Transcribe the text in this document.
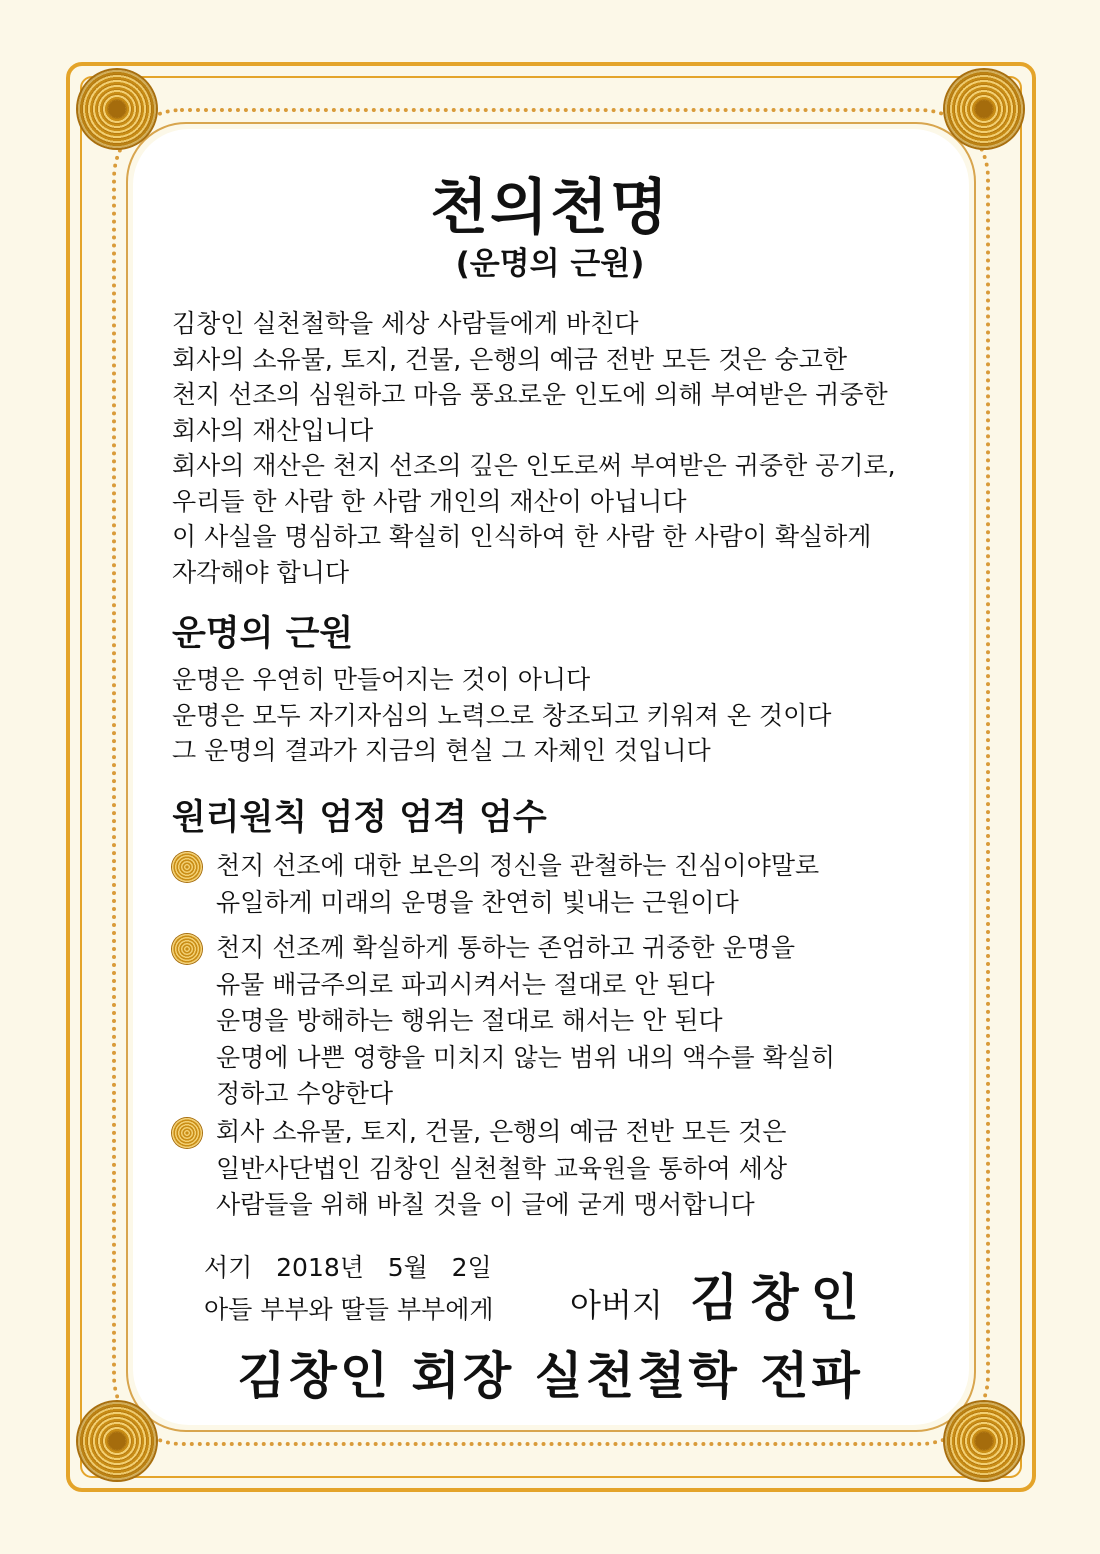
천의천명
(운명의 근원)
김창인 실천철학을 세상 사람들에게 바친다
회사의 소유물, 토지, 건물, 은행의 예금 전반 모든 것은 숭고한
천지 선조의 심원하고 마음 풍요로운 인도에 의해 부여받은 귀중한
회사의 재산입니다
회사의 재산은 천지 선조의 깊은 인도로써 부여받은 귀중한 공기로,
우리들 한 사람 한 사람 개인의 재산이 아닙니다
이 사실을 명심하고 확실히 인식하여 한 사람 한 사람이 확실하게
자각해야 합니다
운명의 근원
운명은 우연히 만들어지는 것이 아니다
운명은 모두 자기자심의 노력으로 창조되고 키워져 온 것이다
그 운명의 결과가 지금의 현실 그 자체인 것입니다
원리원칙 엄정 엄격 엄수
천지 선조에 대한 보은의 정신을 관철하는 진심이야말로
유일하게 미래의 운명을 찬연히 빛내는 근원이다
천지 선조께 확실하게 통하는 존엄하고 귀중한 운명을
유물 배금주의로 파괴시켜서는 절대로 안 된다
운명을 방해하는 행위는 절대로 해서는 안 된다
운명에 나쁜 영향을 미치지 않는 범위 내의 액수를 확실히
정하고 수양한다
회사 소유물, 토지, 건물, 은행의 예금 전반 모든 것은
일반사단법인 김창인 실천철학 교육원을 통하여 세상
사람들을 위해 바칠 것을 이 글에 굳게 맹서합니다

서기   2018년   5월   2일

아들 부부와 딸들 부부에게 아버지 김창인

김창인 회장 실천철학 전파
